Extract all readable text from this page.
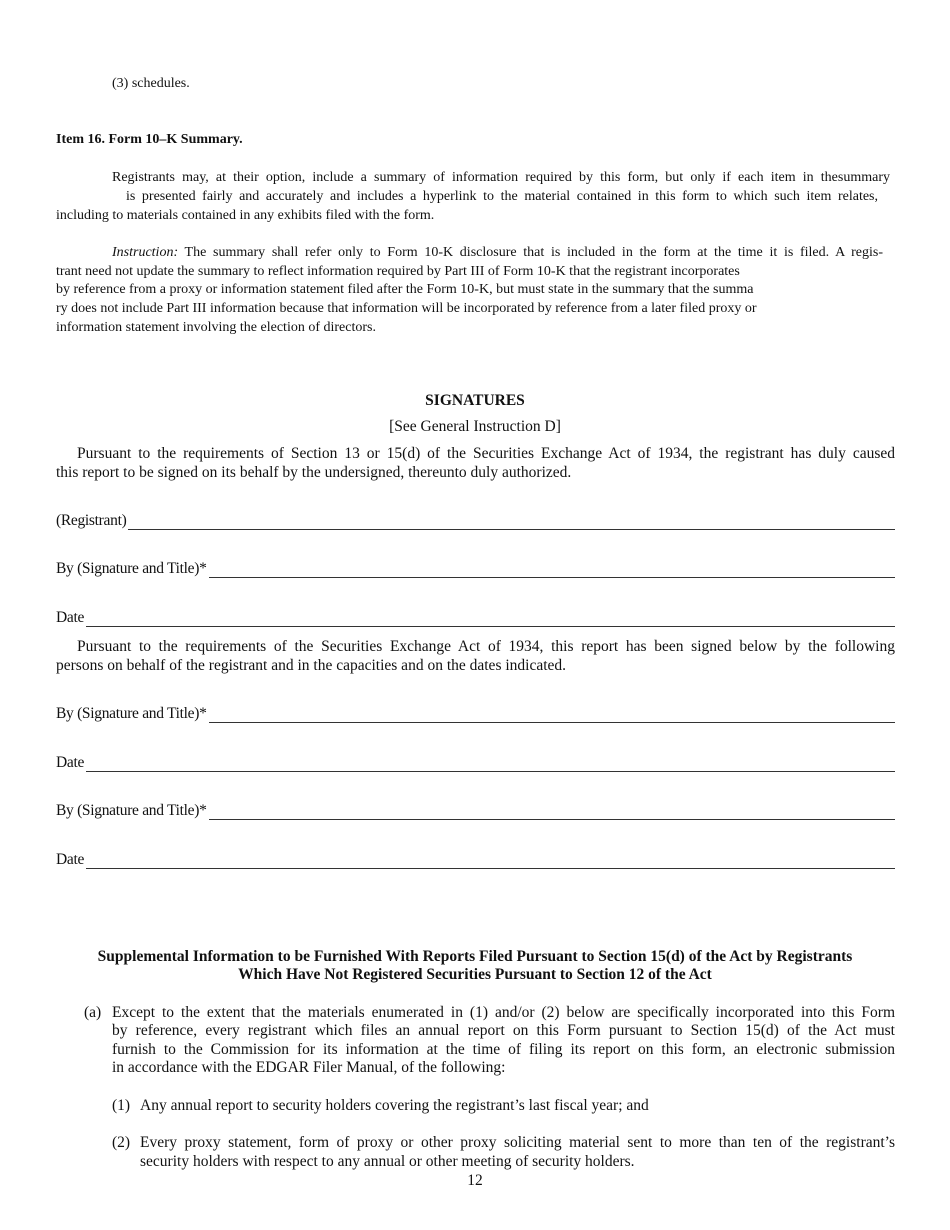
(3) schedules.
Item 16. Form 10–K Summary.
Registrants may, at their option, include a summary of information required by this form, but only if each item in thesummary
is presented fairly and accurately and includes a hyperlink to the material contained in this form to which such item relates,
including to materials contained in any exhibits filed with the form.
Instruction: The summary shall refer only to Form 10-K disclosure that is included in the form at the time it is filed. A regis-
trant need not update the summary to reflect information required by Part III of Form 10-K that the registrant incorporates
by reference from a proxy or information statement filed after the Form 10-K, but must state in the summary that the summa
ry does not include Part III information because that information will be incorporated by reference from a later filed proxy or
information statement involving the election of directors.
SIGNATURES
[See General Instruction D]
Pursuant to the requirements of Section 13 or 15(d) of the Securities Exchange Act of 1934, the registrant has duly caused
this report to be signed on its behalf by the undersigned, thereunto duly authorized.
(Registrant)
By (Signature and Title)*
Date
Pursuant to the requirements of the Securities Exchange Act of 1934, this report has been signed below by the following
persons on behalf of the registrant and in the capacities and on the dates indicated.
By (Signature and Title)*
Date
By (Signature and Title)*
Date
Supplemental Information to be Furnished With Reports Filed Pursuant to Section 15(d) of the Act by Registrants
Which Have Not Registered Securities Pursuant to Section 12 of the Act
(a) Except to the extent that the materials enumerated in (1) and/or (2) below are specifically incorporated into this Form
by reference, every registrant which files an annual report on this Form pursuant to Section 15(d) of the Act must
furnish to the Commission for its information at the time of filing its report on this form, an electronic submission
in accordance with the EDGAR Filer Manual, of the following:
(1) Any annual report to security holders covering the registrant’s last fiscal year; and
(2) Every proxy statement, form of proxy or other proxy soliciting material sent to more than ten of the registrant’s
security holders with respect to any annual or other meeting of security holders.
12
